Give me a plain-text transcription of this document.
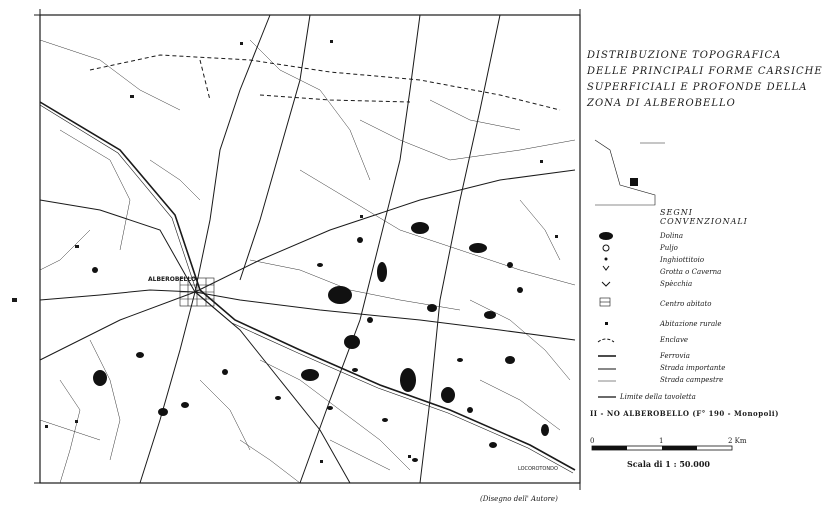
ALBEROBELLO
LOCOROTONDO
DISTRIBUZIONE TOPOGRAFICA
DELLE PRINCIPALI FORME CARSICHE
SUPERFICIALI E PROFONDE DELLA
ZONA DI ALBEROBELLO
SEGNI CONVENZIONALI
Dolina
Puljo
Inghiottitoio
Grotta o Caverna
Spècchia
Centro abitato
Abitazione rurale
Enclave
Ferrovia
Strada importante
Strada campestre
Limite della tavoletta
II - NO ALBEROBELLO (F° 190 - Monopoli)
0	1	2 Km
Scala di 1 : 50.000
(Disegno dell' Autore)
